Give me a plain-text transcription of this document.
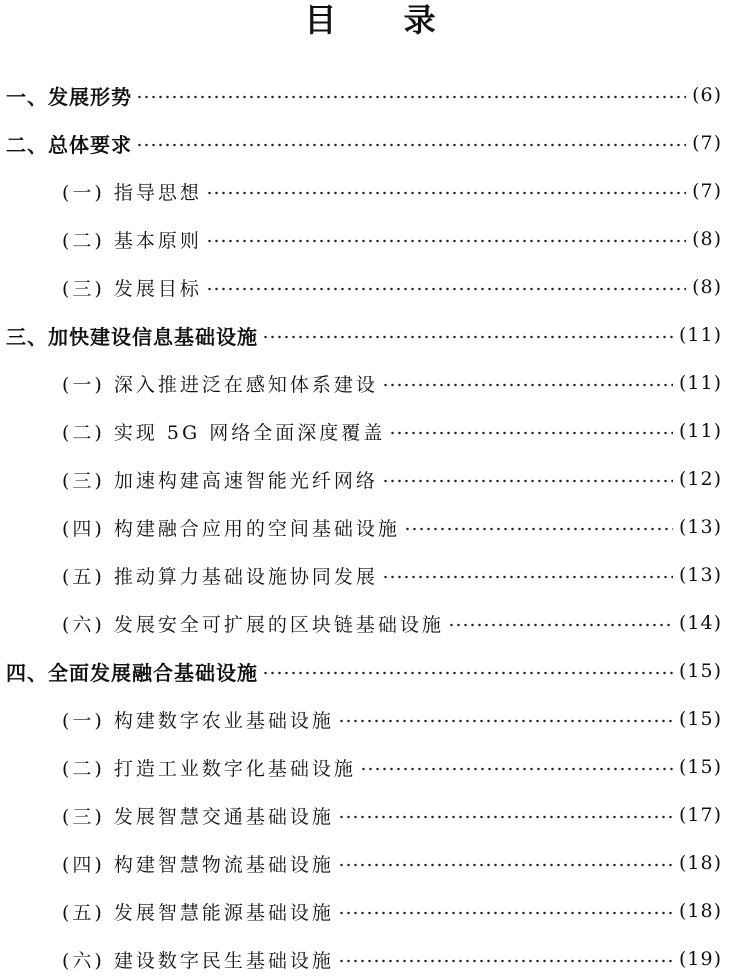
目 录
一、发展形势	(6)
二、总体要求	(7)
(一) 指导思想	(7)
(二) 基本原则	(8)
(三) 发展目标	(8)
三、加快建设信息基础设施	(11)
(一) 深入推进泛在感知体系建设	(11)
(二) 实现 5G 网络全面深度覆盖	(11)
(三) 加速构建高速智能光纤网络	(12)
(四) 构建融合应用的空间基础设施	(13)
(五) 推动算力基础设施协同发展	(13)
(六) 发展安全可扩展的区块链基础设施	(14)
四、全面发展融合基础设施	(15)
(一) 构建数字农业基础设施	(15)
(二) 打造工业数字化基础设施	(15)
(三) 发展智慧交通基础设施	(17)
(四) 构建智慧物流基础设施	(18)
(五) 发展智慧能源基础设施	(18)
(六) 建设数字民生基础设施	(19)
